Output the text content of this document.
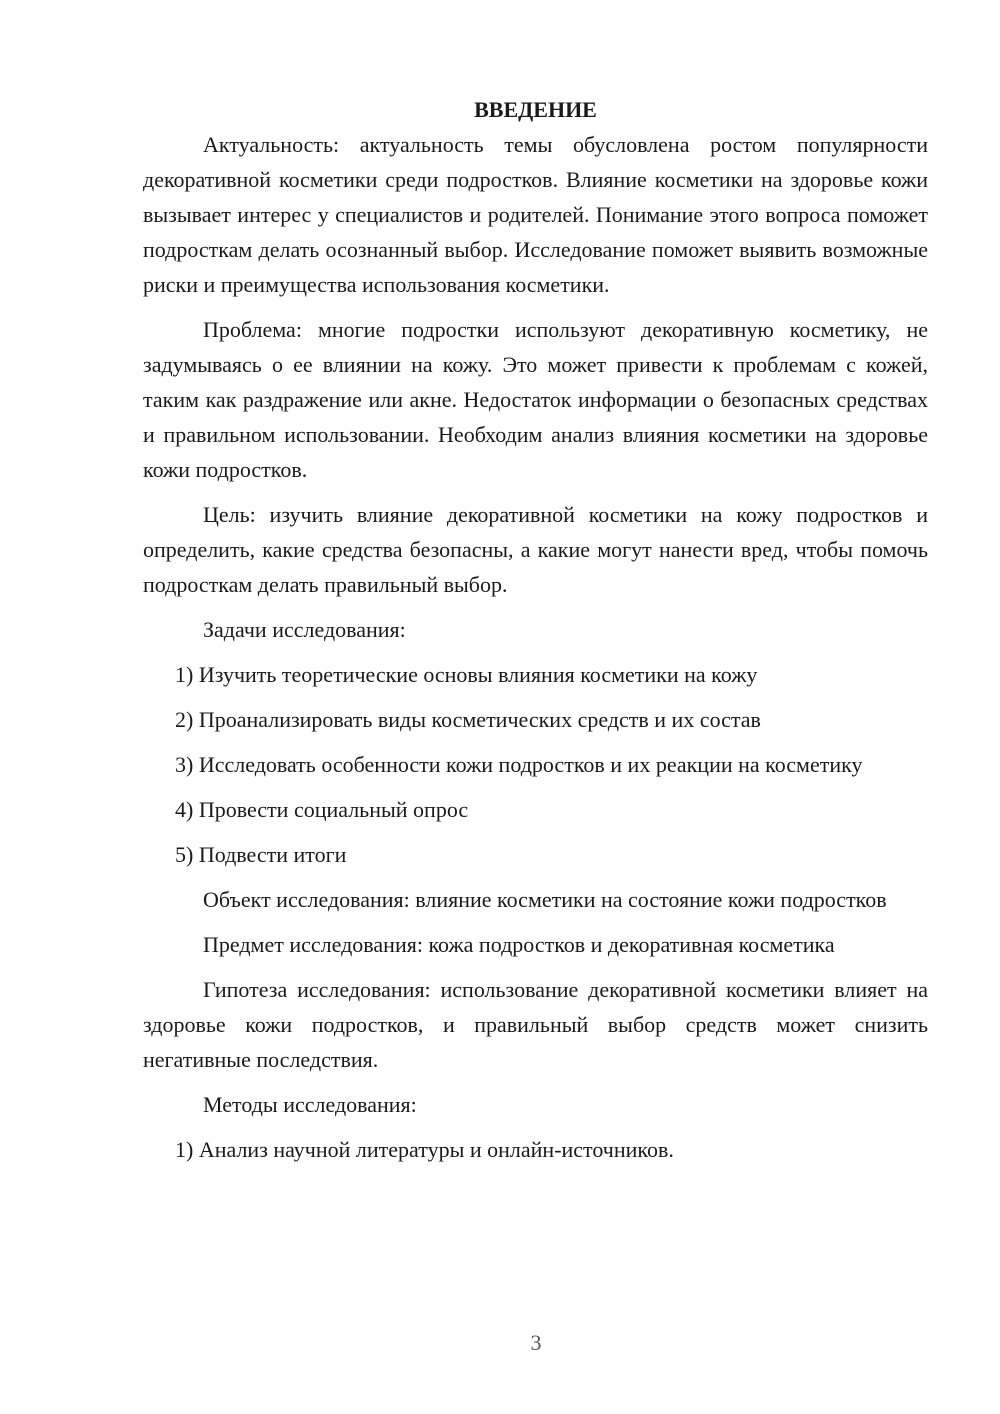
ВВЕДЕНИЕ

Актуальность: актуальность темы обусловлена ростом популярности декоративной косметики среди подростков. Влияние косметики на здоровье кожи вызывает интерес у специалистов и родителей. Понимание этого вопроса поможет подросткам делать осознанный выбор. Исследование поможет выявить возможные риски и преимущества использования косметики.

Проблема: многие подростки используют декоративную косметику, не задумываясь о ее влиянии на кожу. Это может привести к проблемам с кожей, таким как раздражение или акне. Недостаток информации о безопасных средствах и правильном использовании. Необходим анализ влияния косметики на здоровье кожи подростков.

Цель: изучить влияние декоративной косметики на кожу подростков и определить, какие средства безопасны, а какие могут нанести вред, чтобы помочь подросткам делать правильный выбор.

Задачи исследования:

1) Изучить теоретические основы влияния косметики на кожу

2) Проанализировать виды косметических средств и их состав

3) Исследовать особенности кожи подростков и их реакции на косметику

4) Провести социальный опрос

5) Подвести итоги

Объект исследования: влияние косметики на состояние кожи подростков

Предмет исследования: кожа подростков и декоративная косметика

Гипотеза исследования: использование декоративной косметики влияет на здоровье кожи подростков, и правильный выбор средств может снизить негативные последствия.

Методы исследования:

1) Анализ научной литературы и онлайн-источников.

3
